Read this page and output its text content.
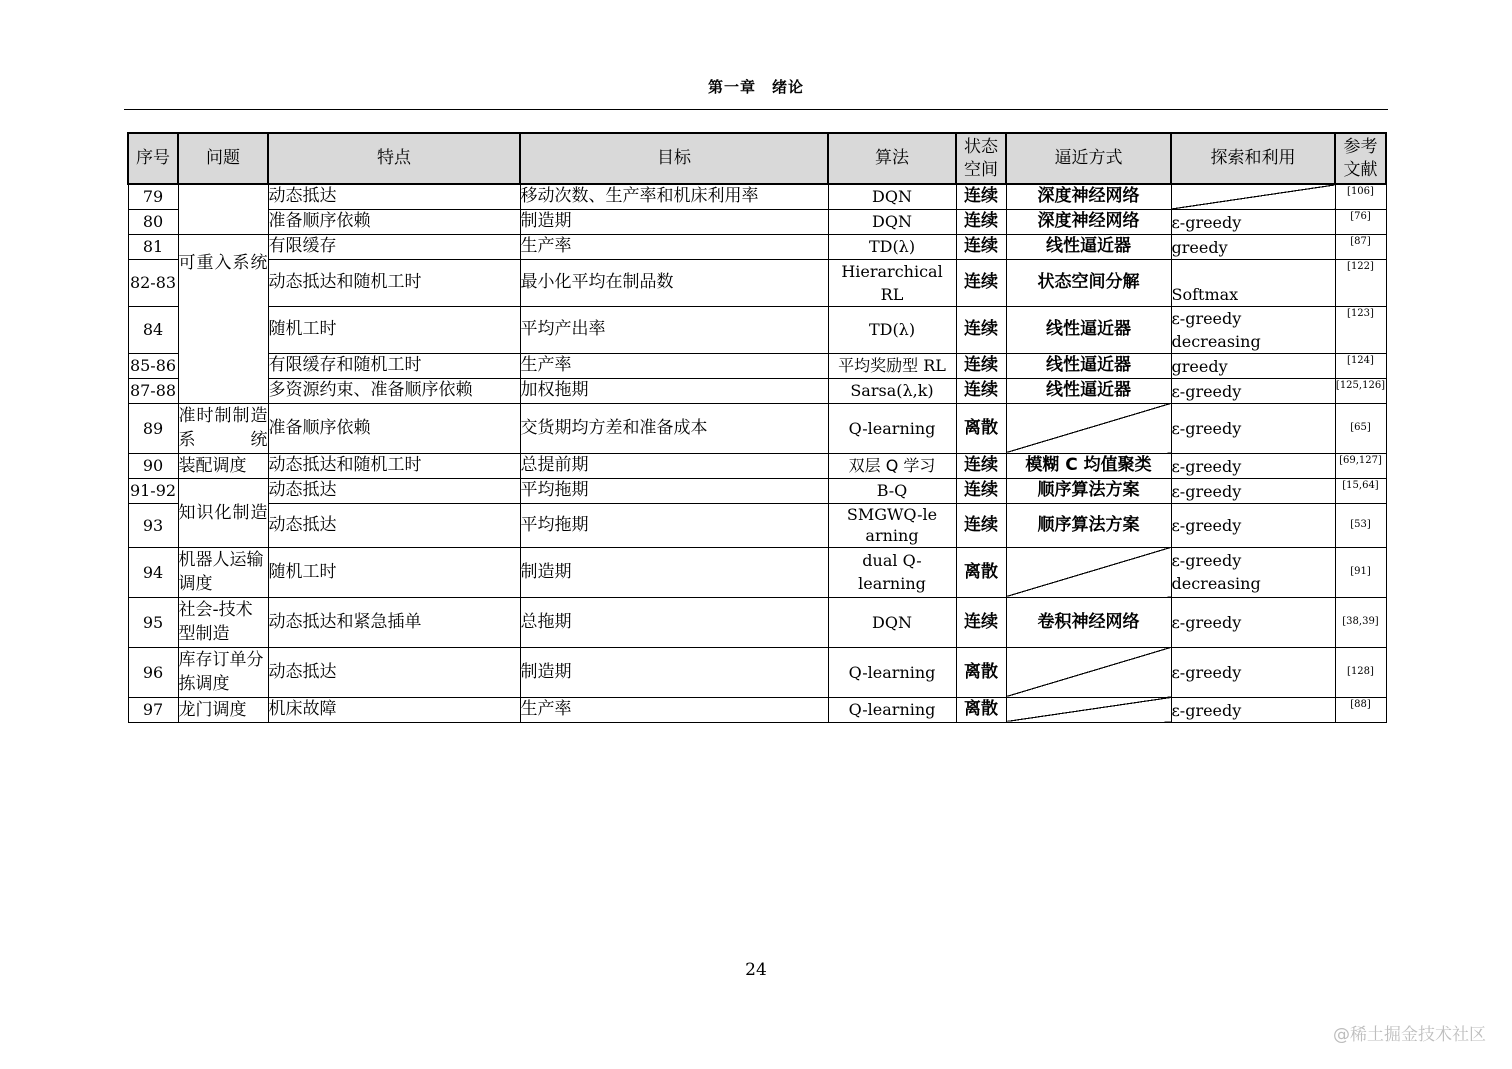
第一章　绪论
序号	问题	特点	目标	算法	状态空间	逼近方式	探索和利用	参考文献
79		动态抵达	移动次数、生产率和机床利用率	DQN	连续	深度神经网络		[106]
80		准备顺序依赖	制造期	DQN	连续	深度神经网络	ε-greedy	[76]
81	可重入系统	有限缓存	生产率	TD(λ)	连续	线性逼近器	greedy	[87]
82-83		动态抵达和随机工时	最小化平均在制品数	Hierarchical RL	连续	状态空间分解	Softmax	[122]
84		随机工时	平均产出率	TD(λ)	连续	线性逼近器	ε-greedy decreasing	[123]
85-86		有限缓存和随机工时	生产率	平均奖励型 RL	连续	线性逼近器	greedy	[124]
87-88		多资源约束、准备顺序依赖	加权拖期	Sarsa(λ,k)	连续	线性逼近器	ε-greedy	[125,126]
89	准时制制造系统	准备顺序依赖	交货期均方差和准备成本	Q-learning	离散		ε-greedy	[65]
90	装配调度	动态抵达和随机工时	总提前期	双层 Q 学习	连续	模糊 C 均值聚类	ε-greedy	[69,127]
91-92	知识化制造	动态抵达	平均拖期	B-Q	连续	顺序算法方案	ε-greedy	[15,64]
93		动态抵达	平均拖期	SMGWQ-learning	连续	顺序算法方案	ε-greedy	[53]
94	机器人运输调度	随机工时	制造期	dual Q-learning	离散		ε-greedy decreasing	[91]
95	社会-技术型制造	动态抵达和紧急插单	总拖期	DQN	连续	卷积神经网络	ε-greedy	[38,39]
96	库存订单分拣调度	动态抵达	制造期	Q-learning	离散		ε-greedy	[128]
97	龙门调度	机床故障	生产率	Q-learning	离散		ε-greedy	[88]
24
@稀土掘金技术社区
